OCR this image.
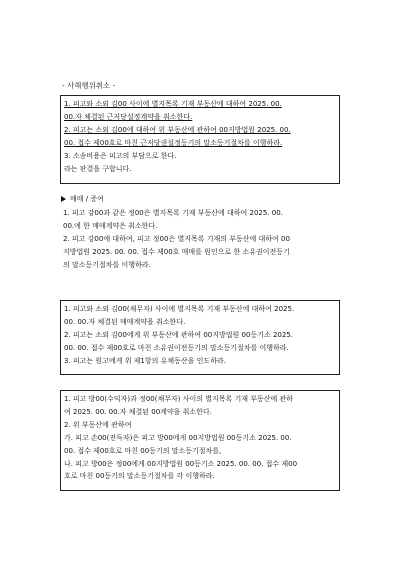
- 사해행위취소 -

1. 피고와 소외 김00 사이에 별지목록 기재 부동산에 대하여 2025. 00.

00.자 체결된 근저당설정계약을 취소한다.

2. 피고는 소외 김00에 대하여 위 부동산에 관하여 00지방법원 2025. 00.

00. 접수 제00호로 마친 근저당권설정등기의 말소등기절차를 이행하라.

3. 소송비용은 피고의 부담으로 한다.

라는 판결을 구합니다.

매매 / 증여

1. 피고 강00과 같은 정00은 별지목록 기재 부동산에 대하여 2025. 00.

00.에 한 매매계약은 취소한다.

2. 피고 강00에 대하여, 피고 정00은 별지목록 기재의 부동산에 대하여 00

지방법원 2025. 00. 00. 접수 제00호 매매를 원인으로 한 소유권이전등기

의 말소등기절차를 이행하라.

1. 피고와 소외 김00(채무자) 사이에 별지목록 기재 부동산에 대하여 2025.

00. 00.자 체결된 매매계약을 취소한다.

2. 피고는 소외 김00에게 위 부동산에 관하여 00지방법원 00등기소 2025.

00. 00. 접수 제00호로 마친 소유권이전등기의 말소등기절차를 이행하라.

3. 피고는 원고에게 위 제1항의 유체동산을 인도하라.

1. 피고 방00(수익자)과 정00(채무자) 사이의 별지목록 기재 부동산에 관하

여 2025. 00. 00.자 체결된 00계약을 취소한다.

2. 위 부동산에 관하여

가. 피고 손00(전득자)은 피고 방00에게 00지방법원 00등기소 2025. 00.

00. 접수 제00호로 마친 00등기의 말소등기절차를,

나. 피고 방00은 정00에게 00지방법원 00등기소 2025. 00. 00. 접수 제00

호로 마친 00등기의 말소등기절차를 각 이행하라.
